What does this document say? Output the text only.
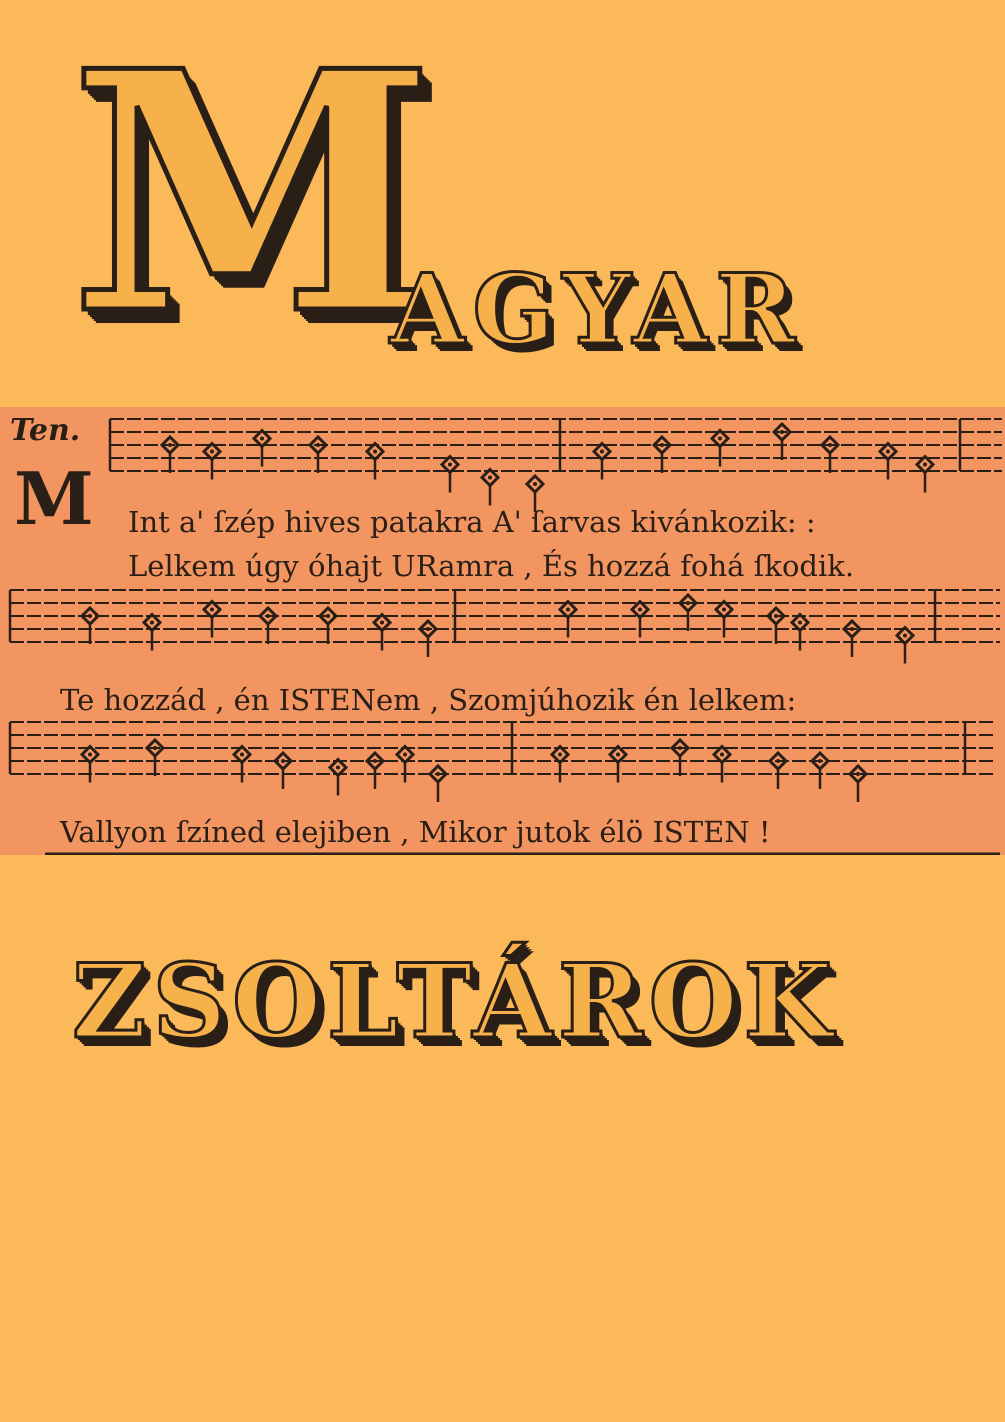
M
AGYAR
Ten.
M Int a' ſzép hives patakra A' ſarvas kivánkozik: :
Lelkem úgy óhajt URamra , És hozzá fohá ſkodik.
Te hozzád , én ISTENem , Szomjúhozik én lelkem:
Vallyon ſzíned elejiben , Mikor jutok élö ISTEN !
ZSOLTÁROK
